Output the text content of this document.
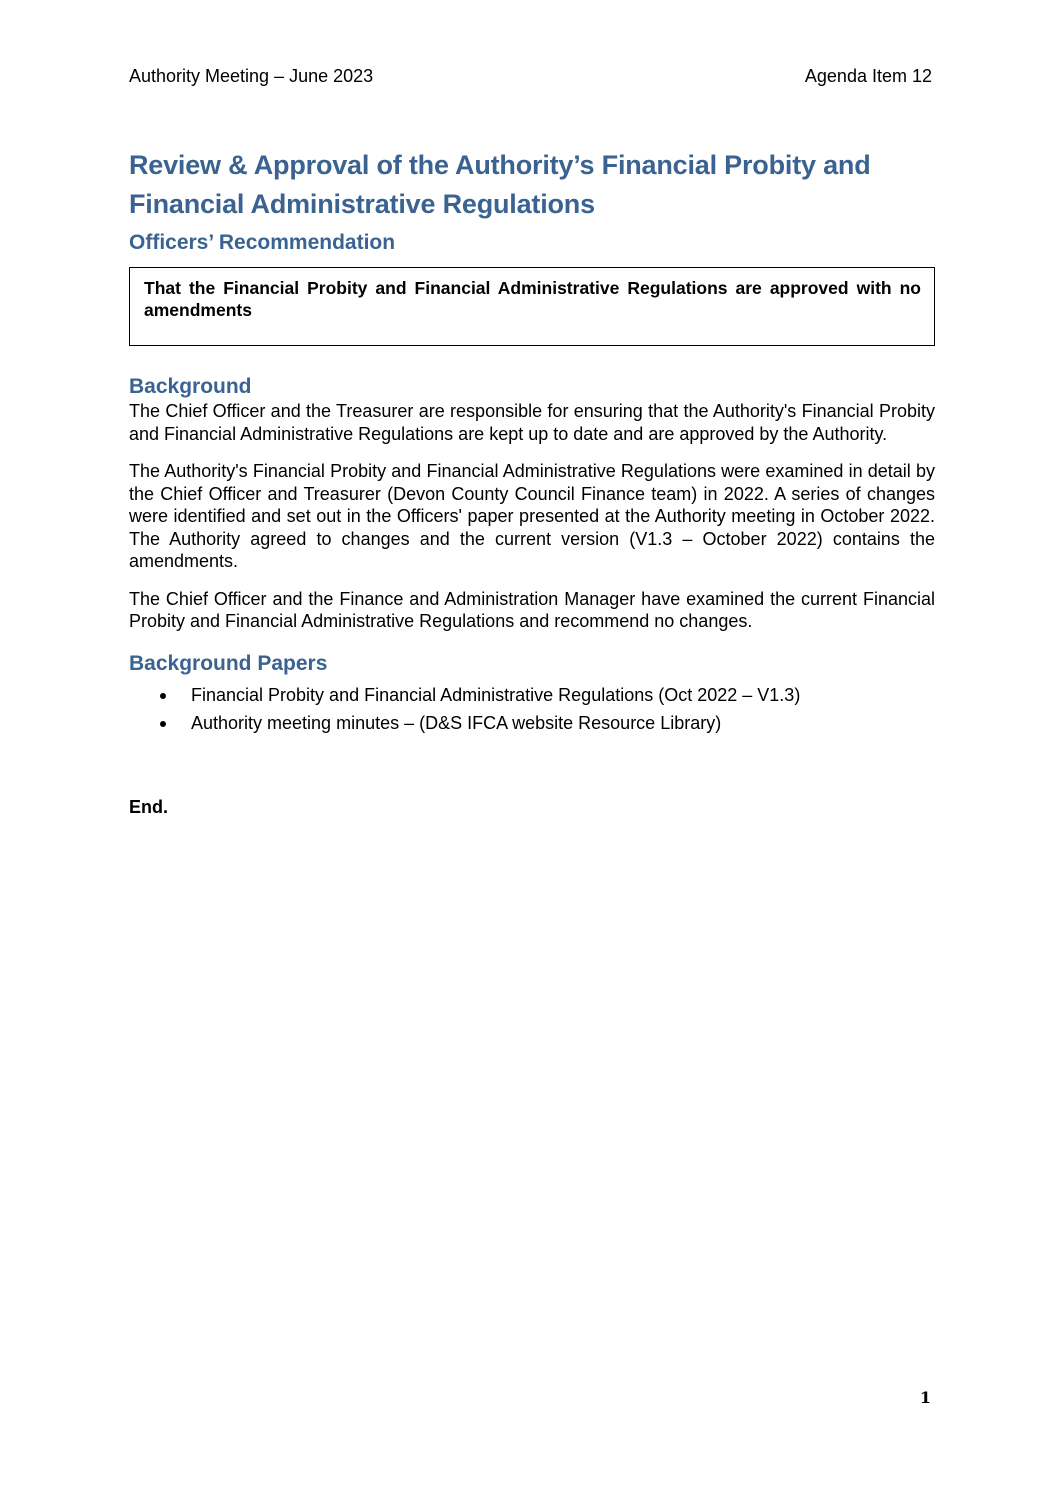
Authority Meeting – June 2023	Agenda Item 12
Review & Approval of the Authority’s Financial Probity and Financial Administrative Regulations
Officers’ Recommendation
That the Financial Probity and Financial Administrative Regulations are approved with no amendments
Background

The Chief Officer and the Treasurer are responsible for ensuring that the Authority's Financial Probity and Financial Administrative Regulations are kept up to date and are approved by the Authority.

The Authority's Financial Probity and Financial Administrative Regulations were examined in detail by the Chief Officer and Treasurer (Devon County Council Finance team) in 2022. A series of changes were identified and set out in the Officers' paper presented at the Authority meeting in October 2022. The Authority agreed to changes and the current version (V1.3 – October 2022) contains the amendments.

The Chief Officer and the Finance and Administration Manager have examined the current Financial Probity and Financial Administrative Regulations and recommend no changes.

Background Papers
Financial Probity and Financial Administrative Regulations (Oct 2022 – V1.3)
Authority meeting minutes – (D&S IFCA website Resource Library)
End.
1
